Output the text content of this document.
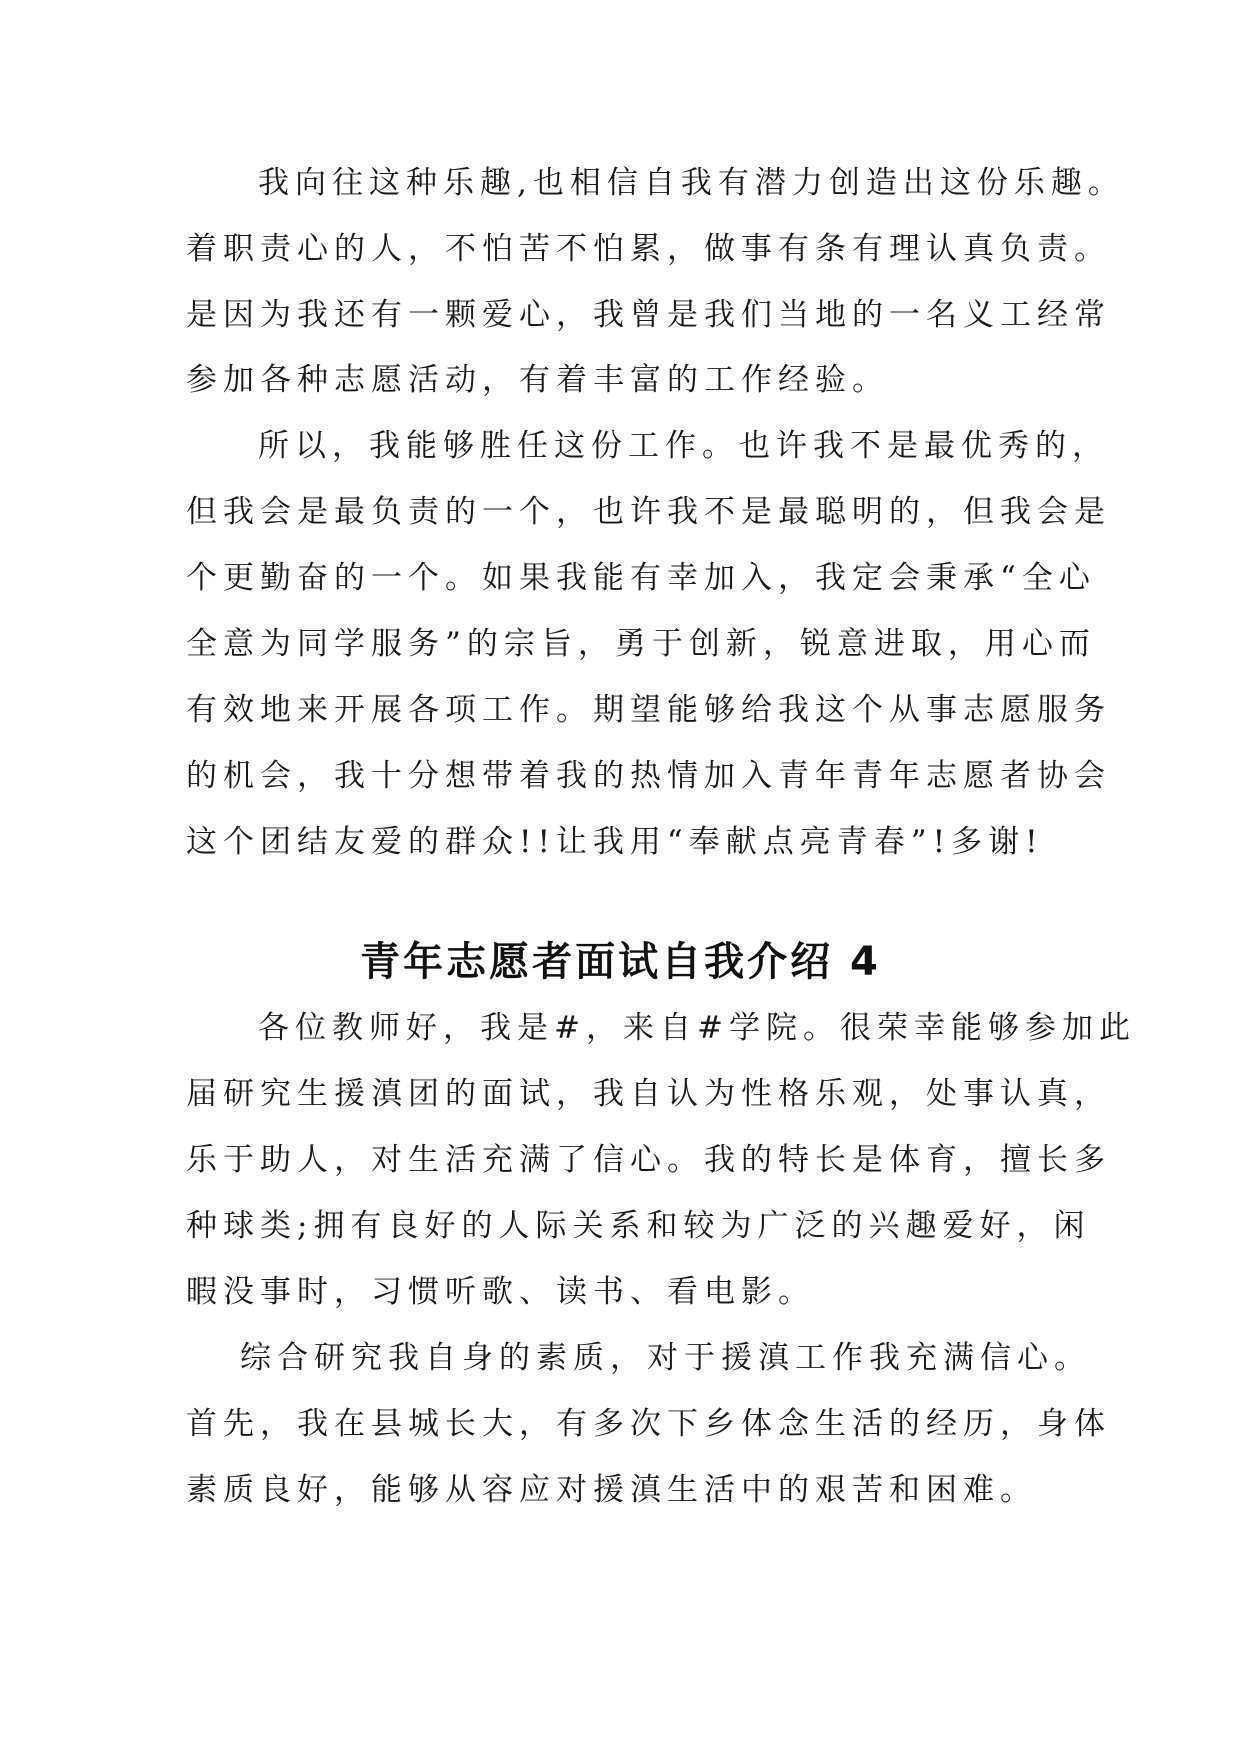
我向往这种乐趣,也相信自我有潜力创造出这份乐趣。
着职责心的人，不怕苦不怕累，做事有条有理认真负责。
是因为我还有一颗爱心，我曾是我们当地的一名义工经常
参加各种志愿活动，有着丰富的工作经验。
所以，我能够胜任这份工作。也许我不是最优秀的，
但我会是最负责的一个，也许我不是最聪明的，但我会是
个更勤奋的一个。如果我能有幸加入，我定会秉承“全心
全意为同学服务”的宗旨，勇于创新，锐意进取，用心而
有效地来开展各项工作。期望能够给我这个从事志愿服务
的机会，我十分想带着我的热情加入青年青年志愿者协会
这个团结友爱的群众!!让我用“奉献点亮青春”!多谢!
青年志愿者面试自我介绍 4
各位教师好，我是#，来自#学院。很荣幸能够参加此
届研究生援滇团的面试，我自认为性格乐观，处事认真，
乐于助人，对生活充满了信心。我的特长是体育，擅长多
种球类;拥有良好的人际关系和较为广泛的兴趣爱好，闲
暇没事时，习惯听歌、读书、看电影。
综合研究我自身的素质，对于援滇工作我充满信心。
首先，我在县城长大，有多次下乡体念生活的经历，身体
素质良好，能够从容应对援滇生活中的艰苦和困难。
